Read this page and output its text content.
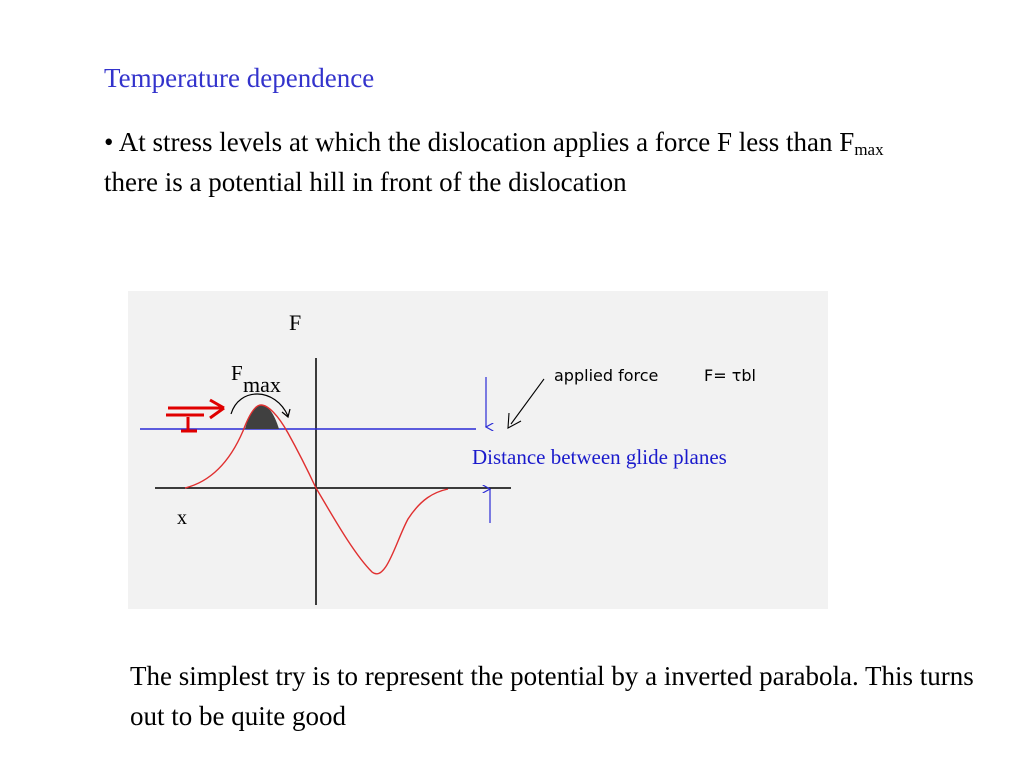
Temperature dependence
• At stress levels at which the dislocation applies a force F less than $F_{max}$ there is a potential hill in front of the dislocation
F
x
F max	applied force	F= τbl
Distance between glide planes
The simplest try is to represent the potential by a inverted parabola. This turns out to be quite good
